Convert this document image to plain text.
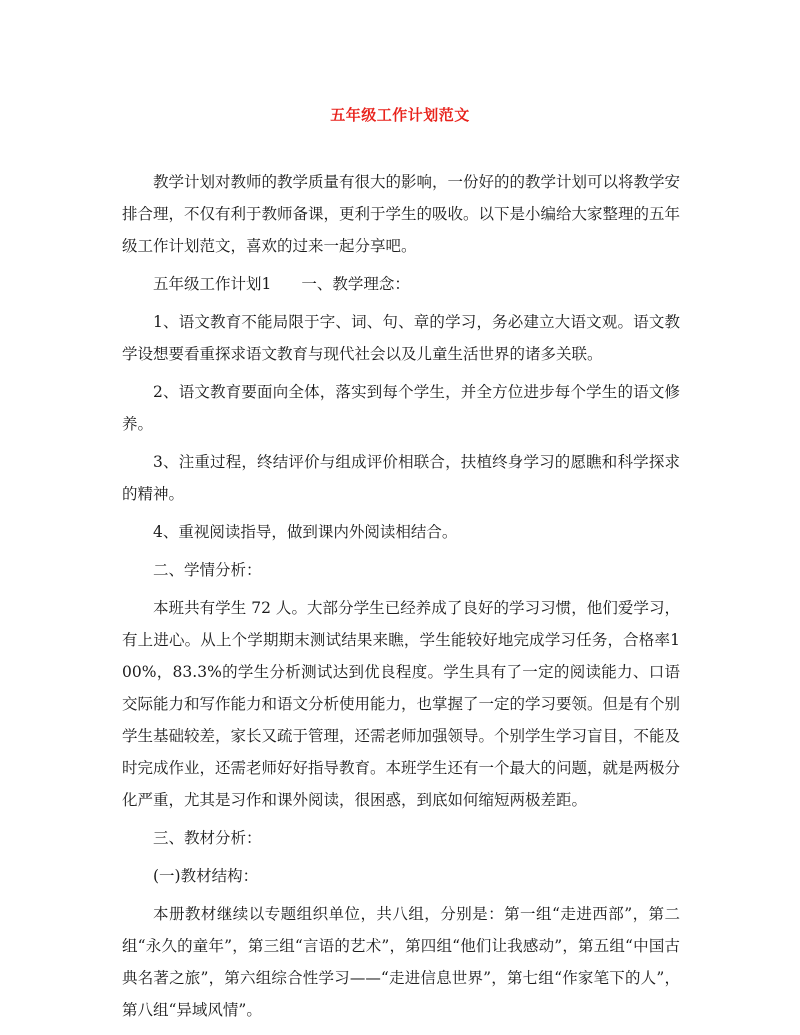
五年级工作计划范文

教学计划对教师的教学质量有很大的影响，一份好的的教学计划可以将教学安排合理，不仅有利于教师备课，更利于学生的吸收。以下是小编给大家整理的五年级工作计划范文，喜欢的过来一起分享吧。

五年级工作计划1 一、教学理念：

1、语文教育不能局限于字、词、句、章的学习，务必建立大语文观。语文教学设想要看重探求语文教育与现代社会以及儿童生活世界的诸多关联。

2、语文教育要面向全体，落实到每个学生，并全方位进步每个学生的语文修养。

3、注重过程，终结评价与组成评价相联合，扶植终身学习的愿瞧和科学探求的精神。

4、重视阅读指导，做到课内外阅读相结合。

二、学情分析：

本班共有学生 72 人。大部分学生已经养成了良好的学习习惯，他们爱学习，有上进心。从上个学期期末测试结果来瞧，学生能较好地完成学习任务，合格率100%，83.3%的学生分析测试达到优良程度。学生具有了一定的阅读能力、口语交际能力和写作能力和语文分析使用能力，也掌握了一定的学习要领。但是有个别学生基础较差，家长又疏于管理，还需老师加强领导。个别学生学习盲目，不能及时完成作业，还需老师好好指导教育。本班学生还有一个最大的问题，就是两极分化严重，尤其是习作和课外阅读，很困惑，到底如何缩短两极差距。

三、教材分析：

(一)教材结构：

本册教材继续以专题组织单位，共八组，分别是：第一组“走进西部”，第二组“永久的童年”，第三组“言语的艺术”，第四组“他们让我感动”，第五组“中国古典名著之旅”，第六组综合性学习——“走进信息世界”，第七组“作家笔下的人”，第八组“异域风情”。
